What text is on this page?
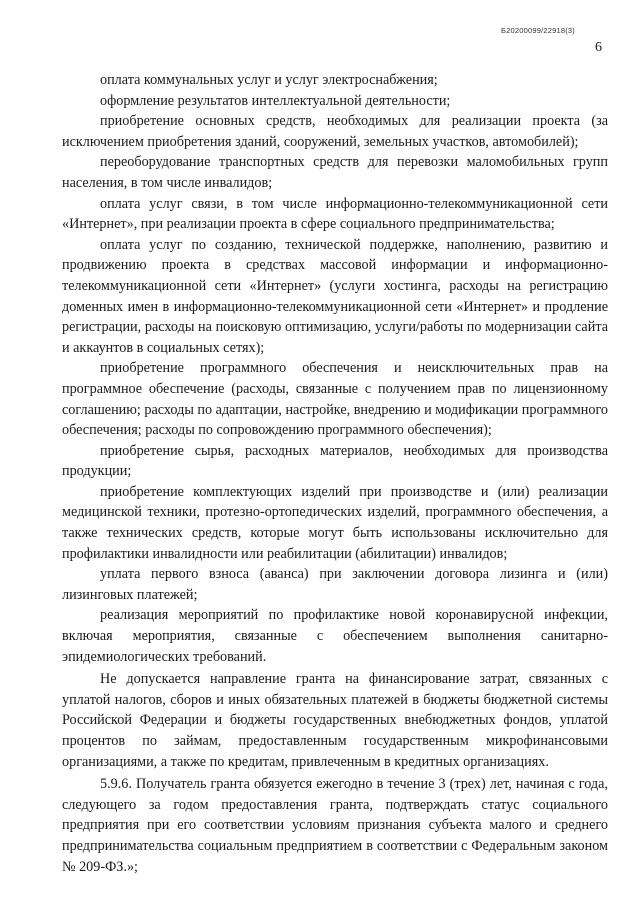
Б20200099/22918(3)
6

оплата коммунальных услуг и услуг электроснабжения;

оформление результатов интеллектуальной деятельности;

приобретение основных средств, необходимых для реализации проекта (за исключением приобретения зданий, сооружений, земельных участков, автомобилей);

переоборудование транспортных средств для перевозки маломобильных групп населения, в том числе инвалидов;

оплата услуг связи, в том числе информационно-телекоммуникационной сети «Интернет», при реализации проекта в сфере социального предпринимательства;

оплата услуг по созданию, технической поддержке, наполнению, развитию и продвижению проекта в средствах массовой информации и информационно-телекоммуникационной сети «Интернет» (услуги хостинга, расходы на регистрацию доменных имен в информационно-телекоммуникационной сети «Интернет» и продление регистрации, расходы на поисковую оптимизацию, услуги/работы по модернизации сайта и аккаунтов в социальных сетях);

приобретение программного обеспечения и неисключительных прав на программное обеспечение (расходы, связанные с получением прав по лицензионному соглашению; расходы по адаптации, настройке, внедрению и модификации программного обеспечения; расходы по сопровождению программного обеспечения);

приобретение сырья, расходных материалов, необходимых для производства продукции;

приобретение комплектующих изделий при производстве и (или) реализации медицинской техники, протезно-ортопедических изделий, программного обеспечения, а также технических средств, которые могут быть использованы исключительно для профилактики инвалидности или реабилитации (абилитации) инвалидов;

уплата первого взноса (аванса) при заключении договора лизинга и (или) лизинговых платежей;

реализация мероприятий по профилактике новой коронавирусной инфекции, включая мероприятия, связанные с обеспечением выполнения санитарно-эпидемиологических требований.

Не допускается направление гранта на финансирование затрат, связанных с уплатой налогов, сборов и иных обязательных платежей в бюджеты бюджетной системы Российской Федерации и бюджеты государственных внебюджетных фондов, уплатой процентов по займам, предоставленным государственным микрофинансовыми организациями, а также по кредитам, привлеченным в кредитных организациях.

5.9.6. Получатель гранта обязуется ежегодно в течение 3 (трех) лет, начиная с года, следующего за годом предоставления гранта, подтверждать статус социального предприятия при его соответствии условиям признания субъекта малого и среднего предпринимательства социальным предприятием в соответствии с Федеральным законом № 209-ФЗ.»;
